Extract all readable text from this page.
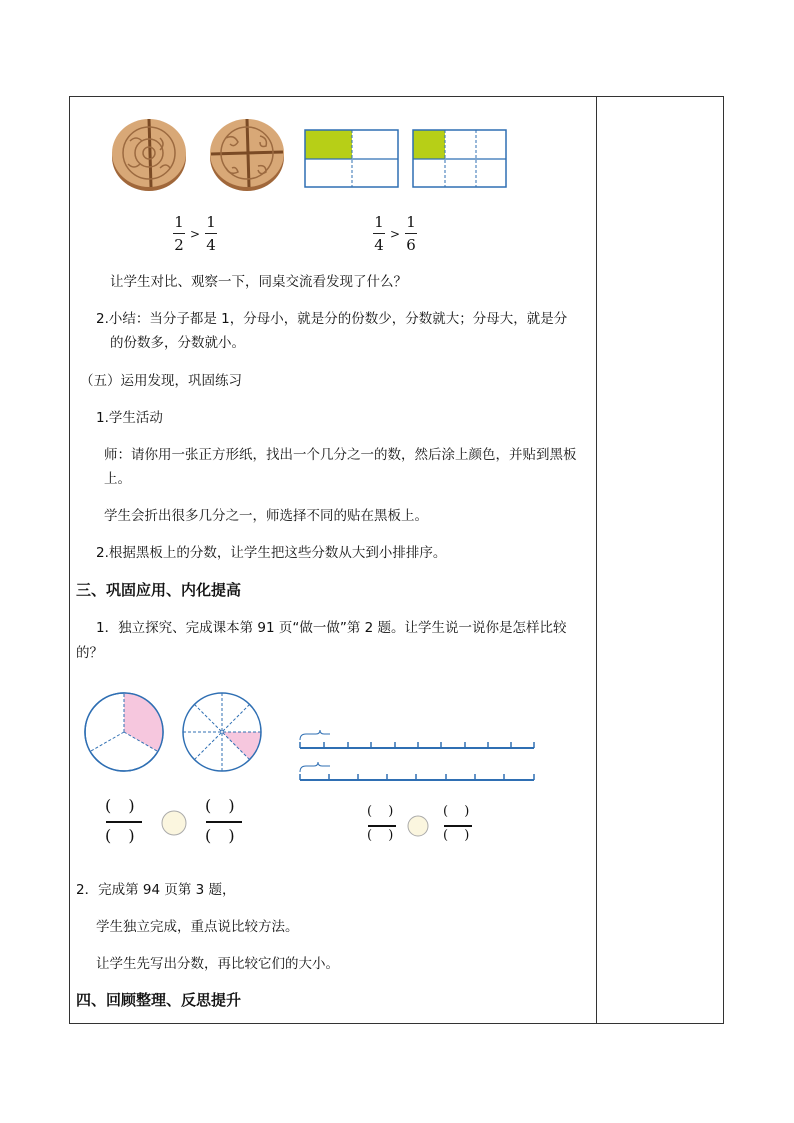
1
2
>
1
4
1
4
>
1
6
让学生对比、观察一下，同桌交流看发现了什么？
2.小结：当分子都是 1，分母小，就是分的份数少，分数就大；分母大，就是分
的份数多，分数就小。
（五）运用发现，巩固练习
1.学生活动
师：请你用一张正方形纸，找出一个几分之一的数，然后涂上颜色，并贴到黑板
上。
学生会折出很多几分之一，师选择不同的贴在黑板上。
2.根据黑板上的分数，让学生把这些分数从大到小排排序。
三、巩固应用、内化提高
1．独立探究、完成课本第 91 页“做一做”第 2 题。让学生说一说你是怎样比较
的？
( )
( )
( )
( )
( )
( )
( )
( )
2．完成第 94 页第 3 题，
学生独立完成，重点说比较方法。
让学生先写出分数，再比较它们的大小。
四、回顾整理、反思提升
